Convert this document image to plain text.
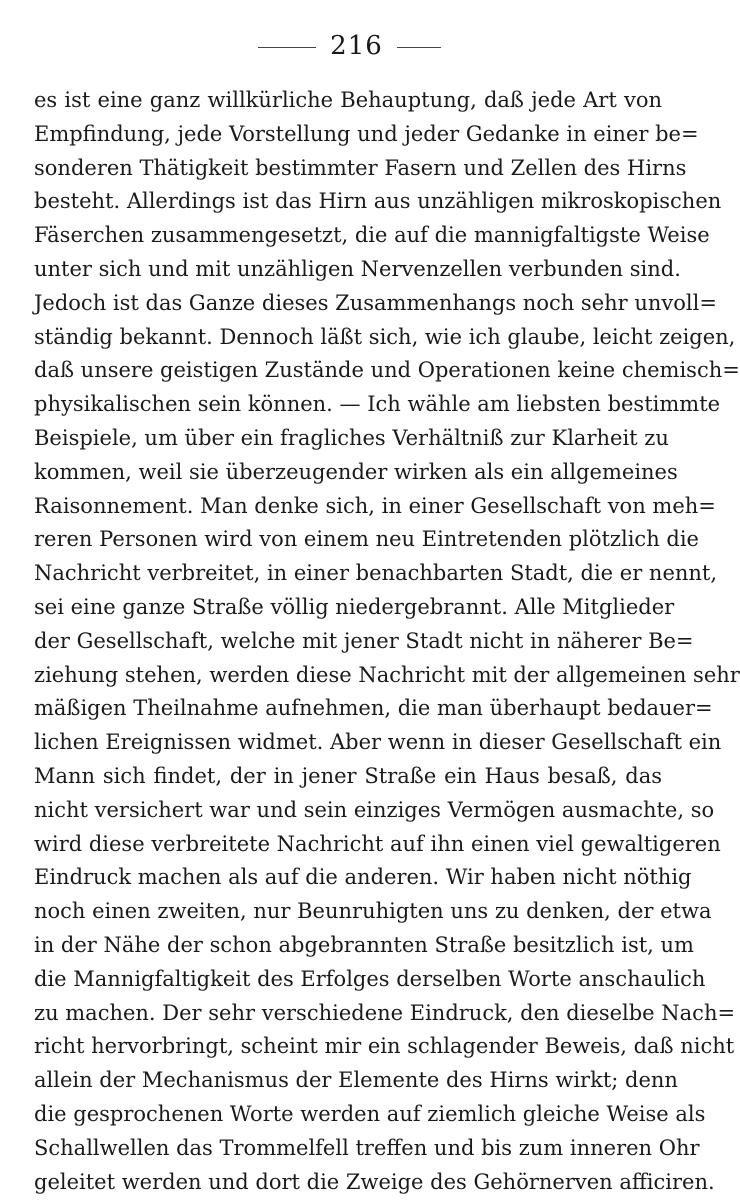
216
es ist eine ganz willkürliche Behauptung, daß jede Art von
Empfindung, jede Vorstellung und jeder Gedanke in einer be=
sonderen Thätigkeit bestimmter Fasern und Zellen des Hirns
besteht. Allerdings ist das Hirn aus unzähligen mikroskopischen
Fäserchen zusammengesetzt, die auf die mannigfaltigste Weise
unter sich und mit unzähligen Nervenzellen verbunden sind.
Jedoch ist das Ganze dieses Zusammenhangs noch sehr unvoll=
ständig bekannt. Dennoch läßt sich, wie ich glaube, leicht zeigen,
daß unsere geistigen Zustände und Operationen keine chemisch=
physikalischen sein können. — Ich wähle am liebsten bestimmte
Beispiele, um über ein fragliches Verhältniß zur Klarheit zu
kommen, weil sie überzeugender wirken als ein allgemeines
Raisonnement. Man denke sich, in einer Gesellschaft von meh=
reren Personen wird von einem neu Eintretenden plötzlich die
Nachricht verbreitet, in einer benachbarten Stadt, die er nennt,
sei eine ganze Straße völlig niedergebrannt. Alle Mitglieder
der Gesellschaft, welche mit jener Stadt nicht in näherer Be=
ziehung stehen, werden diese Nachricht mit der allgemeinen sehr
mäßigen Theilnahme aufnehmen, die man überhaupt bedauer=
lichen Ereignissen widmet. Aber wenn in dieser Gesellschaft ein
Mann sich findet, der in jener Straße ein Haus besaß, das
nicht versichert war und sein einziges Vermögen ausmachte, so
wird diese verbreitete Nachricht auf ihn einen viel gewaltigeren
Eindruck machen als auf die anderen. Wir haben nicht nöthig
noch einen zweiten, nur Beunruhigten uns zu denken, der etwa
in der Nähe der schon abgebrannten Straße besitzlich ist, um
die Mannigfaltigkeit des Erfolges derselben Worte anschaulich
zu machen. Der sehr verschiedene Eindruck, den dieselbe Nach=
richt hervorbringt, scheint mir ein schlagender Beweis, daß nicht
allein der Mechanismus der Elemente des Hirns wirkt; denn
die gesprochenen Worte werden auf ziemlich gleiche Weise als
Schallwellen das Trommelfell treffen und bis zum inneren Ohr
geleitet werden und dort die Zweige des Gehörnerven afficiren.
